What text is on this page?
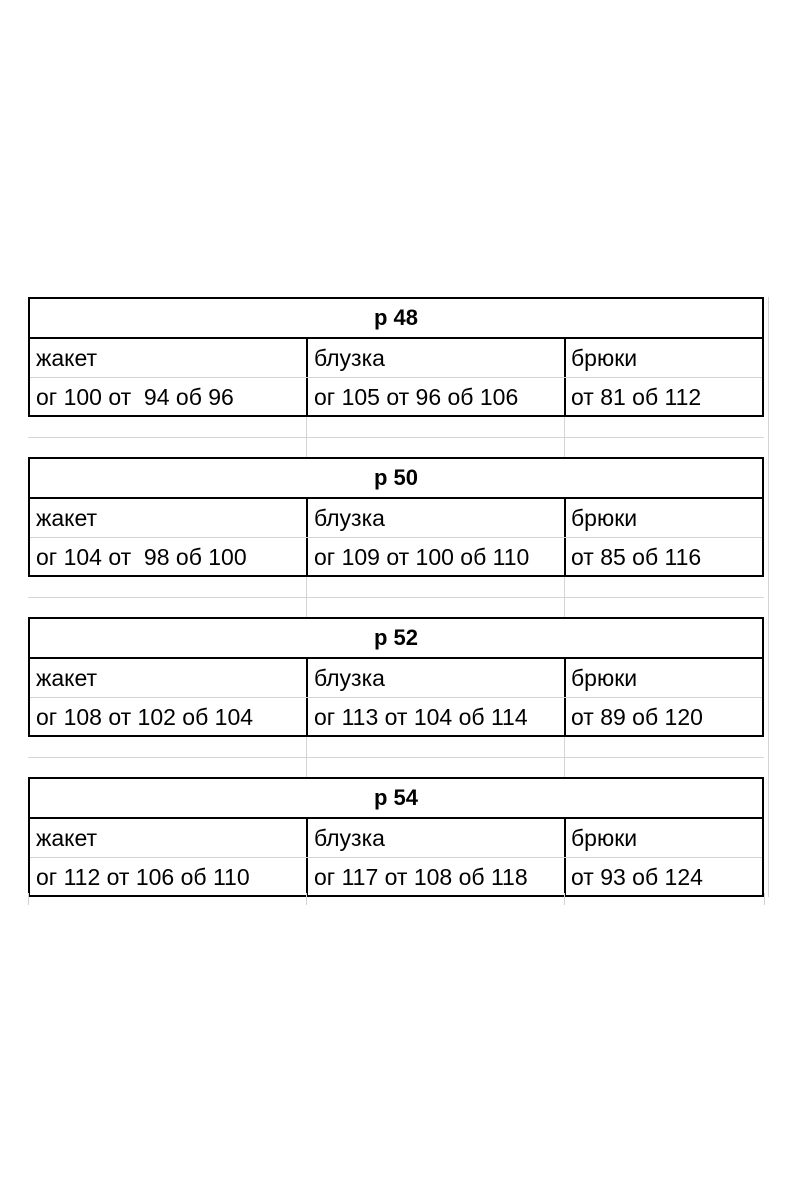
р 48
жакет	блузка	брюки
ог 100 от  94 об 96	ог 105 от 96 об 106	от 81 об 112
р 50
жакет	блузка	брюки
ог 104 от  98 об 100	ог 109 от 100 об 110	от 85 об 116
р 52
жакет	блузка	брюки
ог 108 от 102 об 104	ог 113 от 104 об 114	от 89 об 120
р 54
жакет	блузка	брюки
ог 112 от 106 об 110	ог 117 от 108 об 118	от 93 об 124
